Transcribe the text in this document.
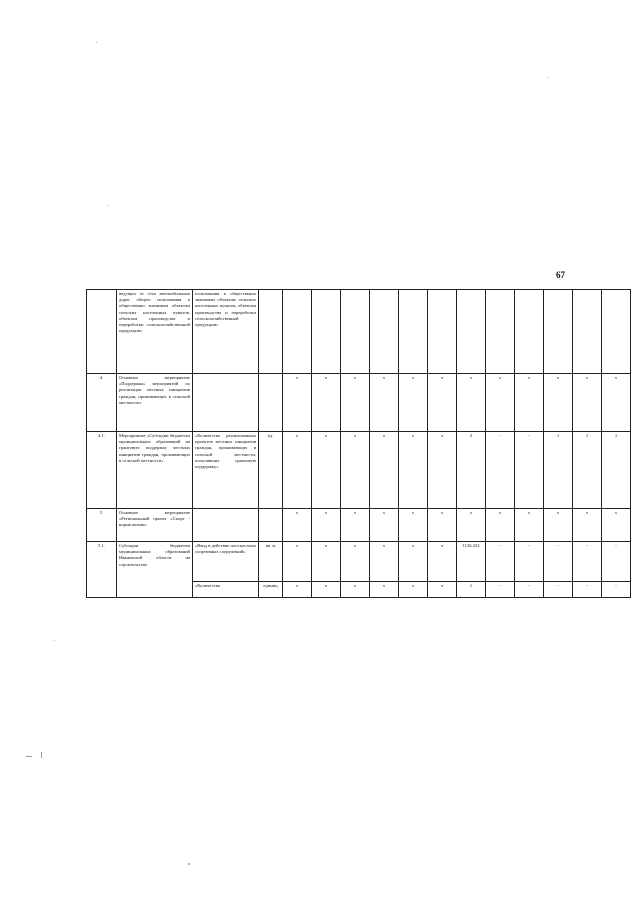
67
	ведущих от сети автомобильных дорог общего пользования к общественно значимым объектам сельских населенных пунктов, объектам производства и переработки сельскохозяйственной продукции»	пользования к общественно значимым объектам сельских населенных пунктов, объектам производства и переработки сельскохозяйственной продукции»													
4.	Основное мероприятие «Поддержка» мероприятий по реализации местных инициатив граждан, проживающих в сельской местности»			х	х	х	х	х	х	х	х	х	х	х	х
4.1.	Мероприятие «Субсидии бюджетам муниципальных образований на грантовую поддержку местных инициатив граждан, проживающих в сельской местности»	«Количество реализованных проектов местных инициатив граждан, проживающих в сельской местности, получивших грантовую поддержку»	ед.	х	х	х	х	х	х	2	-	-	1	1	1
5.	Основное мероприятие «Региональный проект «Спорт - норма жизни»			х	х	х	х	х	х	х	х	х	х	х	х
5.1.	Субсидии бюджетам муниципальных образований Ивановской области на строительство	«Ввод в действие плоскостных спортивных сооружений»	кв. м	х	х	х	х	х	х	1126,322	-	-	-	-	-
		«Количество	единиц	х	х	х	х	х	х	1	-	-	-	-	-
